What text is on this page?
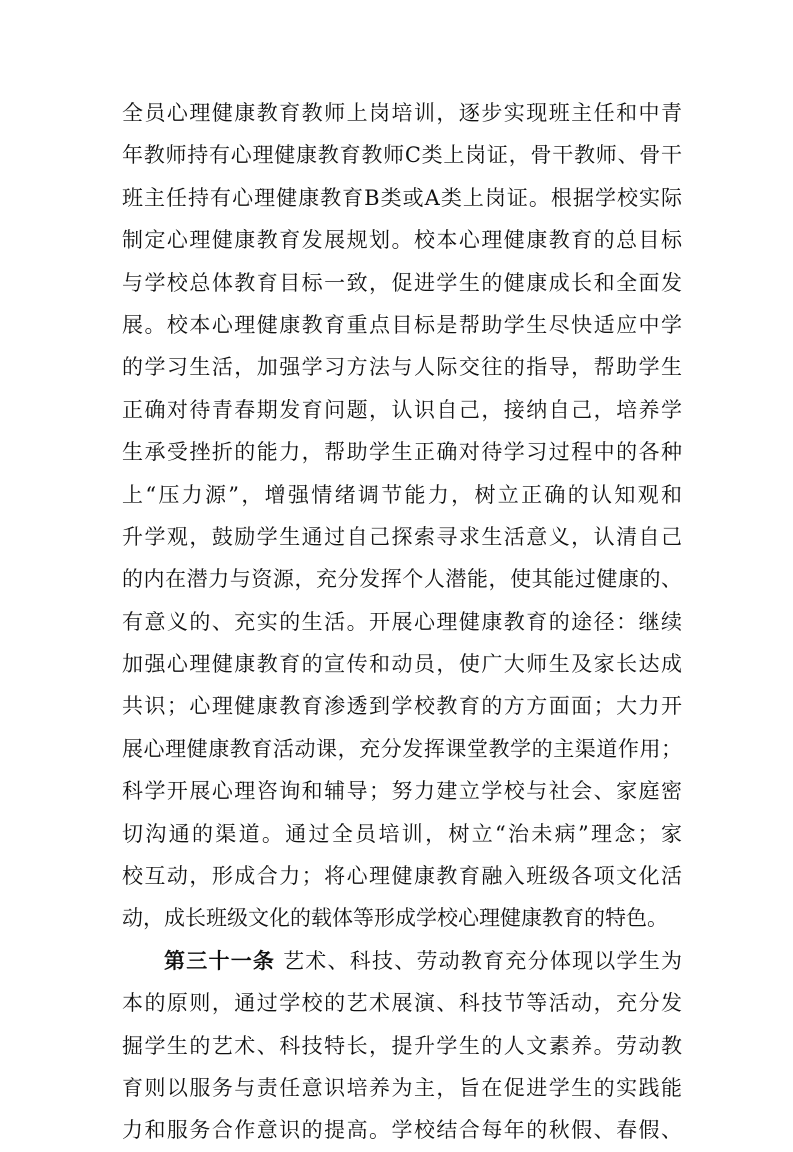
全员心理健康教育教师上岗培训，逐步实现班主任和中青
年教师持有心理健康教育教师C类上岗证，骨干教师、骨干
班主任持有心理健康教育B类或A类上岗证。根据学校实际
制定心理健康教育发展规划。校本心理健康教育的总目标
与学校总体教育目标一致，促进学生的健康成长和全面发
展。校本心理健康教育重点目标是帮助学生尽快适应中学
的学习生活，加强学习方法与人际交往的指导，帮助学生
正确对待青春期发育问题，认识自己，接纳自己，培养学
生承受挫折的能力，帮助学生正确对待学习过程中的各种
上“压力源”，增强情绪调节能力，树立正确的认知观和
升学观，鼓励学生通过自己探索寻求生活意义，认清自己
的内在潜力与资源，充分发挥个人潜能，使其能过健康的、
有意义的、充实的生活。开展心理健康教育的途径：继续
加强心理健康教育的宣传和动员，使广大师生及家长达成
共识；心理健康教育渗透到学校教育的方方面面；大力开
展心理健康教育活动课，充分发挥课堂教学的主渠道作用；
科学开展心理咨询和辅导；努力建立学校与社会、家庭密
切沟通的渠道。通过全员培训，树立“治未病”理念；家
校互动，形成合力；将心理健康教育融入班级各项文化活
动，成长班级文化的载体等形成学校心理健康教育的特色。
第三十一条 艺术、科技、劳动教育充分体现以学生为
本的原则，通过学校的艺术展演、科技节等活动，充分发
掘学生的艺术、科技特长，提升学生的人文素养。劳动教
育则以服务与责任意识培养为主，旨在促进学生的实践能
力和服务合作意识的提高。学校结合每年的秋假、春假、
